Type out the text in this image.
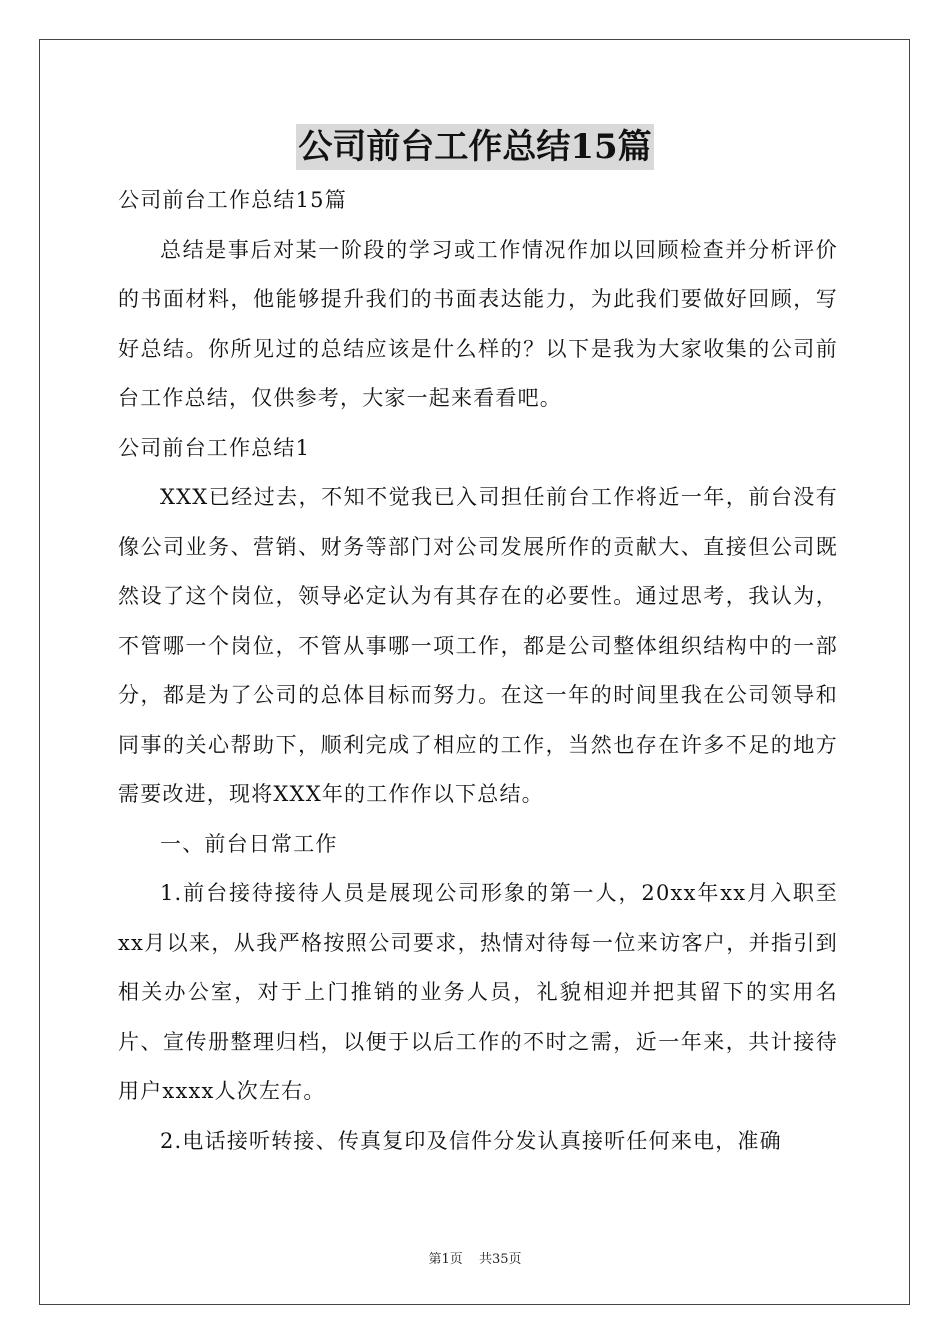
公司前台工作总结15篇

公司前台工作总结15篇

总结是事后对某一阶段的学习或工作情况作加以回顾检查并分析评价的书面材料，他能够提升我们的书面表达能力，为此我们要做好回顾，写好总结。你所见过的总结应该是什么样的？以下是我为大家收集的公司前台工作总结，仅供参考，大家一起来看看吧。

公司前台工作总结1

XXX已经过去，不知不觉我已入司担任前台工作将近一年，前台没有像公司业务、营销、财务等部门对公司发展所作的贡献大、直接但公司既然设了这个岗位，领导必定认为有其存在的必要性。通过思考，我认为，不管哪一个岗位，不管从事哪一项工作，都是公司整体组织结构中的一部分，都是为了公司的总体目标而努力。在这一年的时间里我在公司领导和同事的关心帮助下，顺利完成了相应的工作，当然也存在许多不足的地方需要改进，现将XXX年的工作作以下总结。

一、前台日常工作

1.前台接待接待人员是展现公司形象的第一人，20xx年xx月入职至xx月以来，从我严格按照公司要求，热情对待每一位来访客户，并指引到相关办公室，对于上门推销的业务人员，礼貌相迎并把其留下的实用名片、宣传册整理归档，以便于以后工作的不时之需，近一年来，共计接待用户xxxx人次左右。

2.电话接听转接、传真复印及信件分发认真接听任何来电，准确

第1页 共35页
